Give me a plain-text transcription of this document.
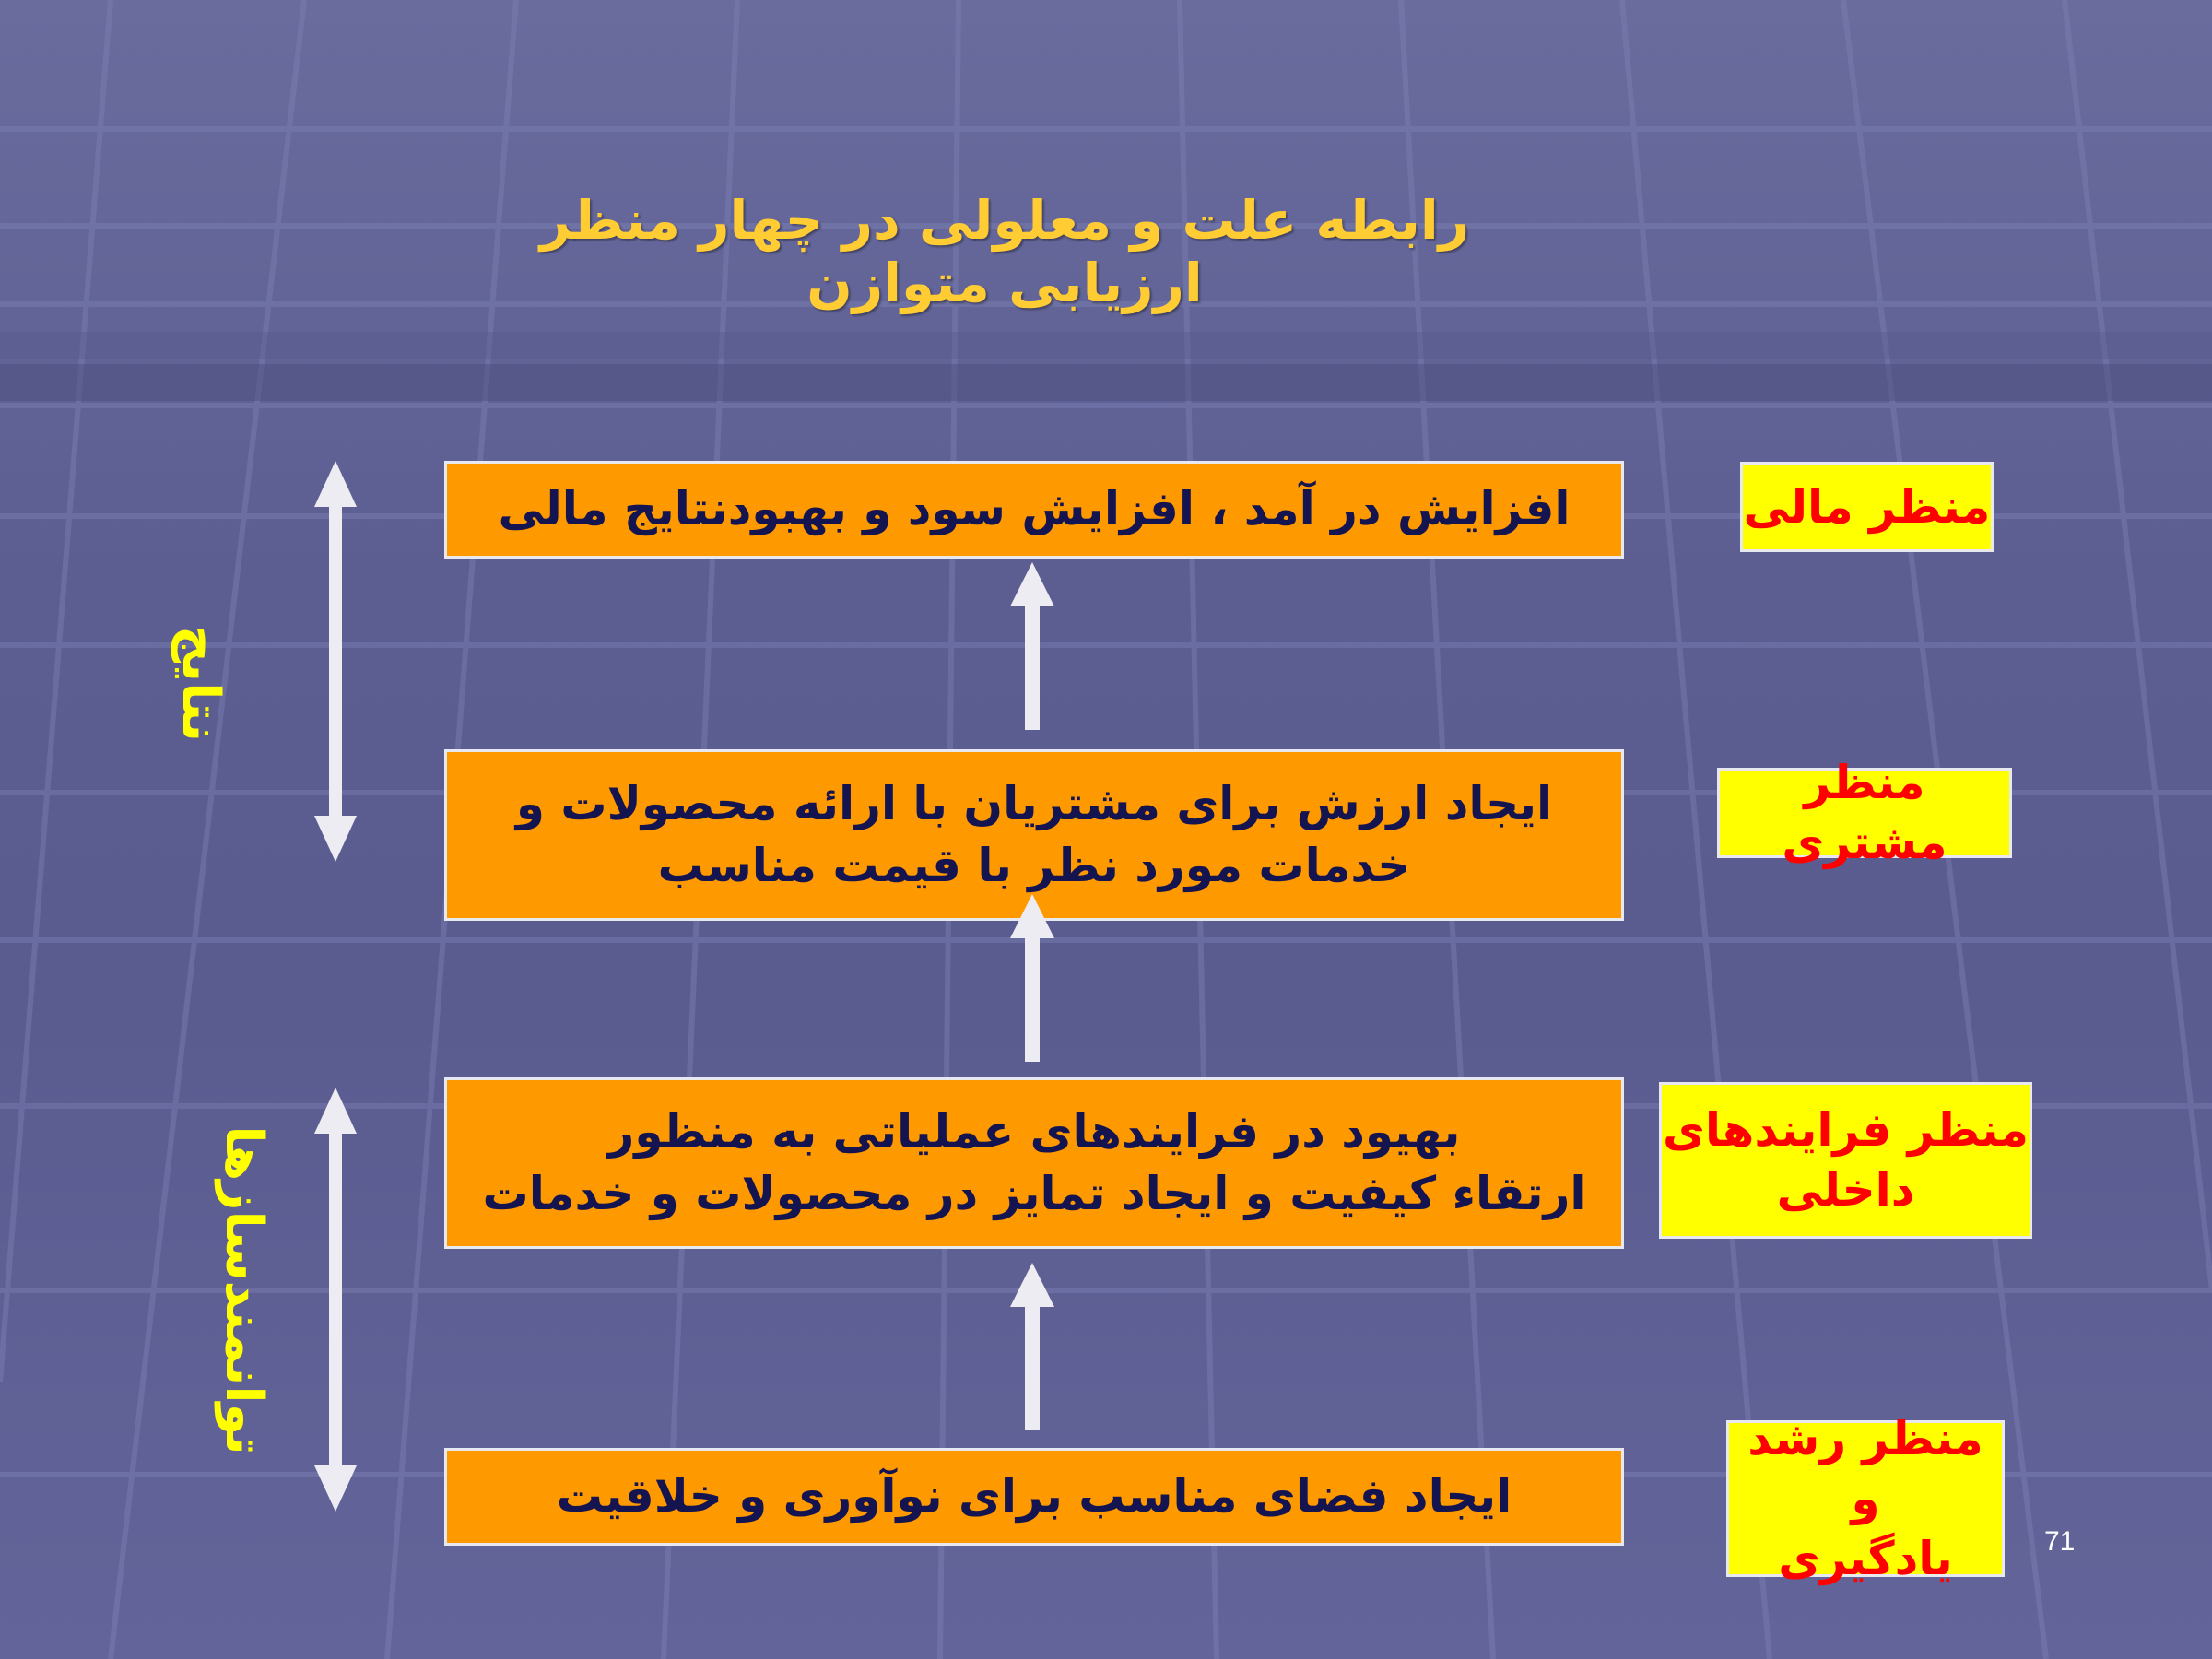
رابطه علت و معلولی در چهار منظر ارزیابی متوازن
افزایش در آمد ، افزایش سود و بهبودنتایج مالی
ایجاد ارزش برای مشتریان با ارائه محصولات و
خدمات مورد نظر با قیمت مناسب
بهیود در فرایندهای عملیاتی به منظور
ارتقاء کیفیت و ایجاد تمایز در محصولات و خدمات
ایجاد فضای مناسب برای نوآوری و خلاقیت
منظر مالی
منظر مشتری
منظر فرایندهای
داخلی
منظر رشد و
یادگیری
نتایج
توانمندسازها
71
